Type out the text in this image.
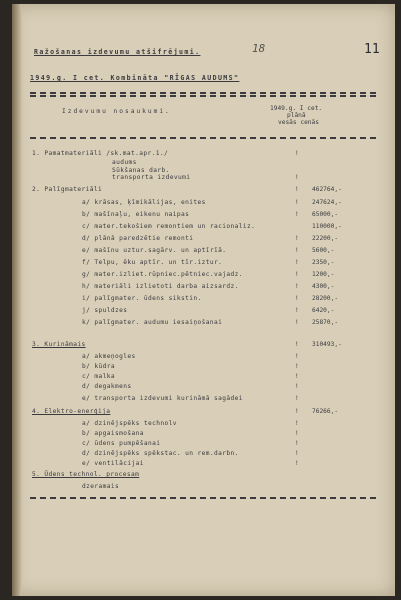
18	11
Ražošanas izdevumu atšifrējumi.
1949.g. I cet. Kombināta "RĪGAS AUDUMS"
Izdevumu nosaukumi.	1949.g. I cet.
plānā
vesās cenās
1. Pamatmateriāli /sk.mat.apr.1./	!
audums
Sūkšanas darb.
transporta izdevumi	!
2. Palīgmateriāli	! 462764,-
a/ krāsas, ķīmikālijas, enites	! 247624,-
b/ mašīnaļu, eikenu naipas	! 65000,-
c/ mater.tekošiem remontiem un racionaliz.	110000,-
d/ plānā paredzētie remonti	! 22200,-
e/ mašīnu uztur.sagārv. un aptīrīā.	! 5600,-
f/ Telpu, ēku aptīr. un tīr.iztur.	! 2350,-
g/ mater.izliet.rūpniec.pētniec.vajadz.	! 1200,-
h/ materiāli izlietoti darba aizsardz.	! 4300,-
i/ palīgmater. ūdens sikstin.	! 28200,-
j/ spuldzes	! 6420,-
k/ palīgmater. audumu iesaiņošanai	! 25870,-
3. Kurināmais	! 310493,-
a/ akmeņogles	!
b/ kūdra	!
c/ malka	!
d/ degakmens	!
e/ transporta izdevumi kurināmā sagādei	!
4. Elektro-enerģija	! 76266,-
a/ dzinējspēks technolv	!
b/ apgaismošana	!
c/ ūdens pumpēšanai	!
d/ dzinējspēks spēkstac. un rem.darbn.	!
e/ ventilācijai	!
5. Ūdens technol. procesam
dzeramais
